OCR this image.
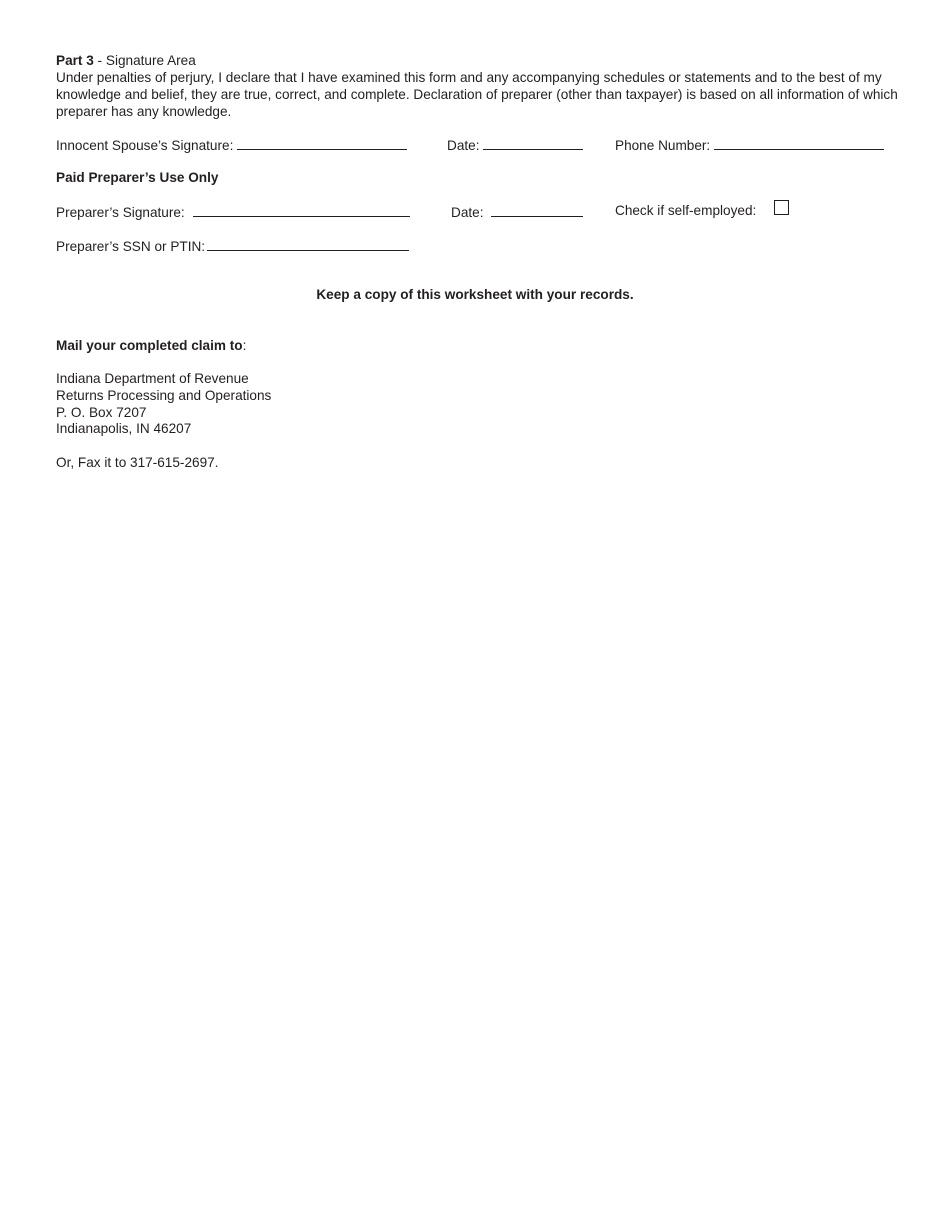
Part 3 - Signature Area
Under penalties of perjury, I declare that I have examined this form and any accompanying schedules or statements and to the best of my knowledge and belief, they are true, correct, and complete. Declaration of preparer (other than taxpayer) is based on all information of which preparer has any knowledge.
Innocent Spouse’s Signature:	Date:	Phone Number:
Paid Preparer’s Use Only
Preparer’s Signature:	Date:	Check if self-employed:
Preparer’s SSN or PTIN:
Keep a copy of this worksheet with your records.
Mail your completed claim to:
Indiana Department of Revenue
Returns Processing and Operations
P. O. Box 7207
Indianapolis, IN 46207
Or, Fax it to 317-615-2697.
